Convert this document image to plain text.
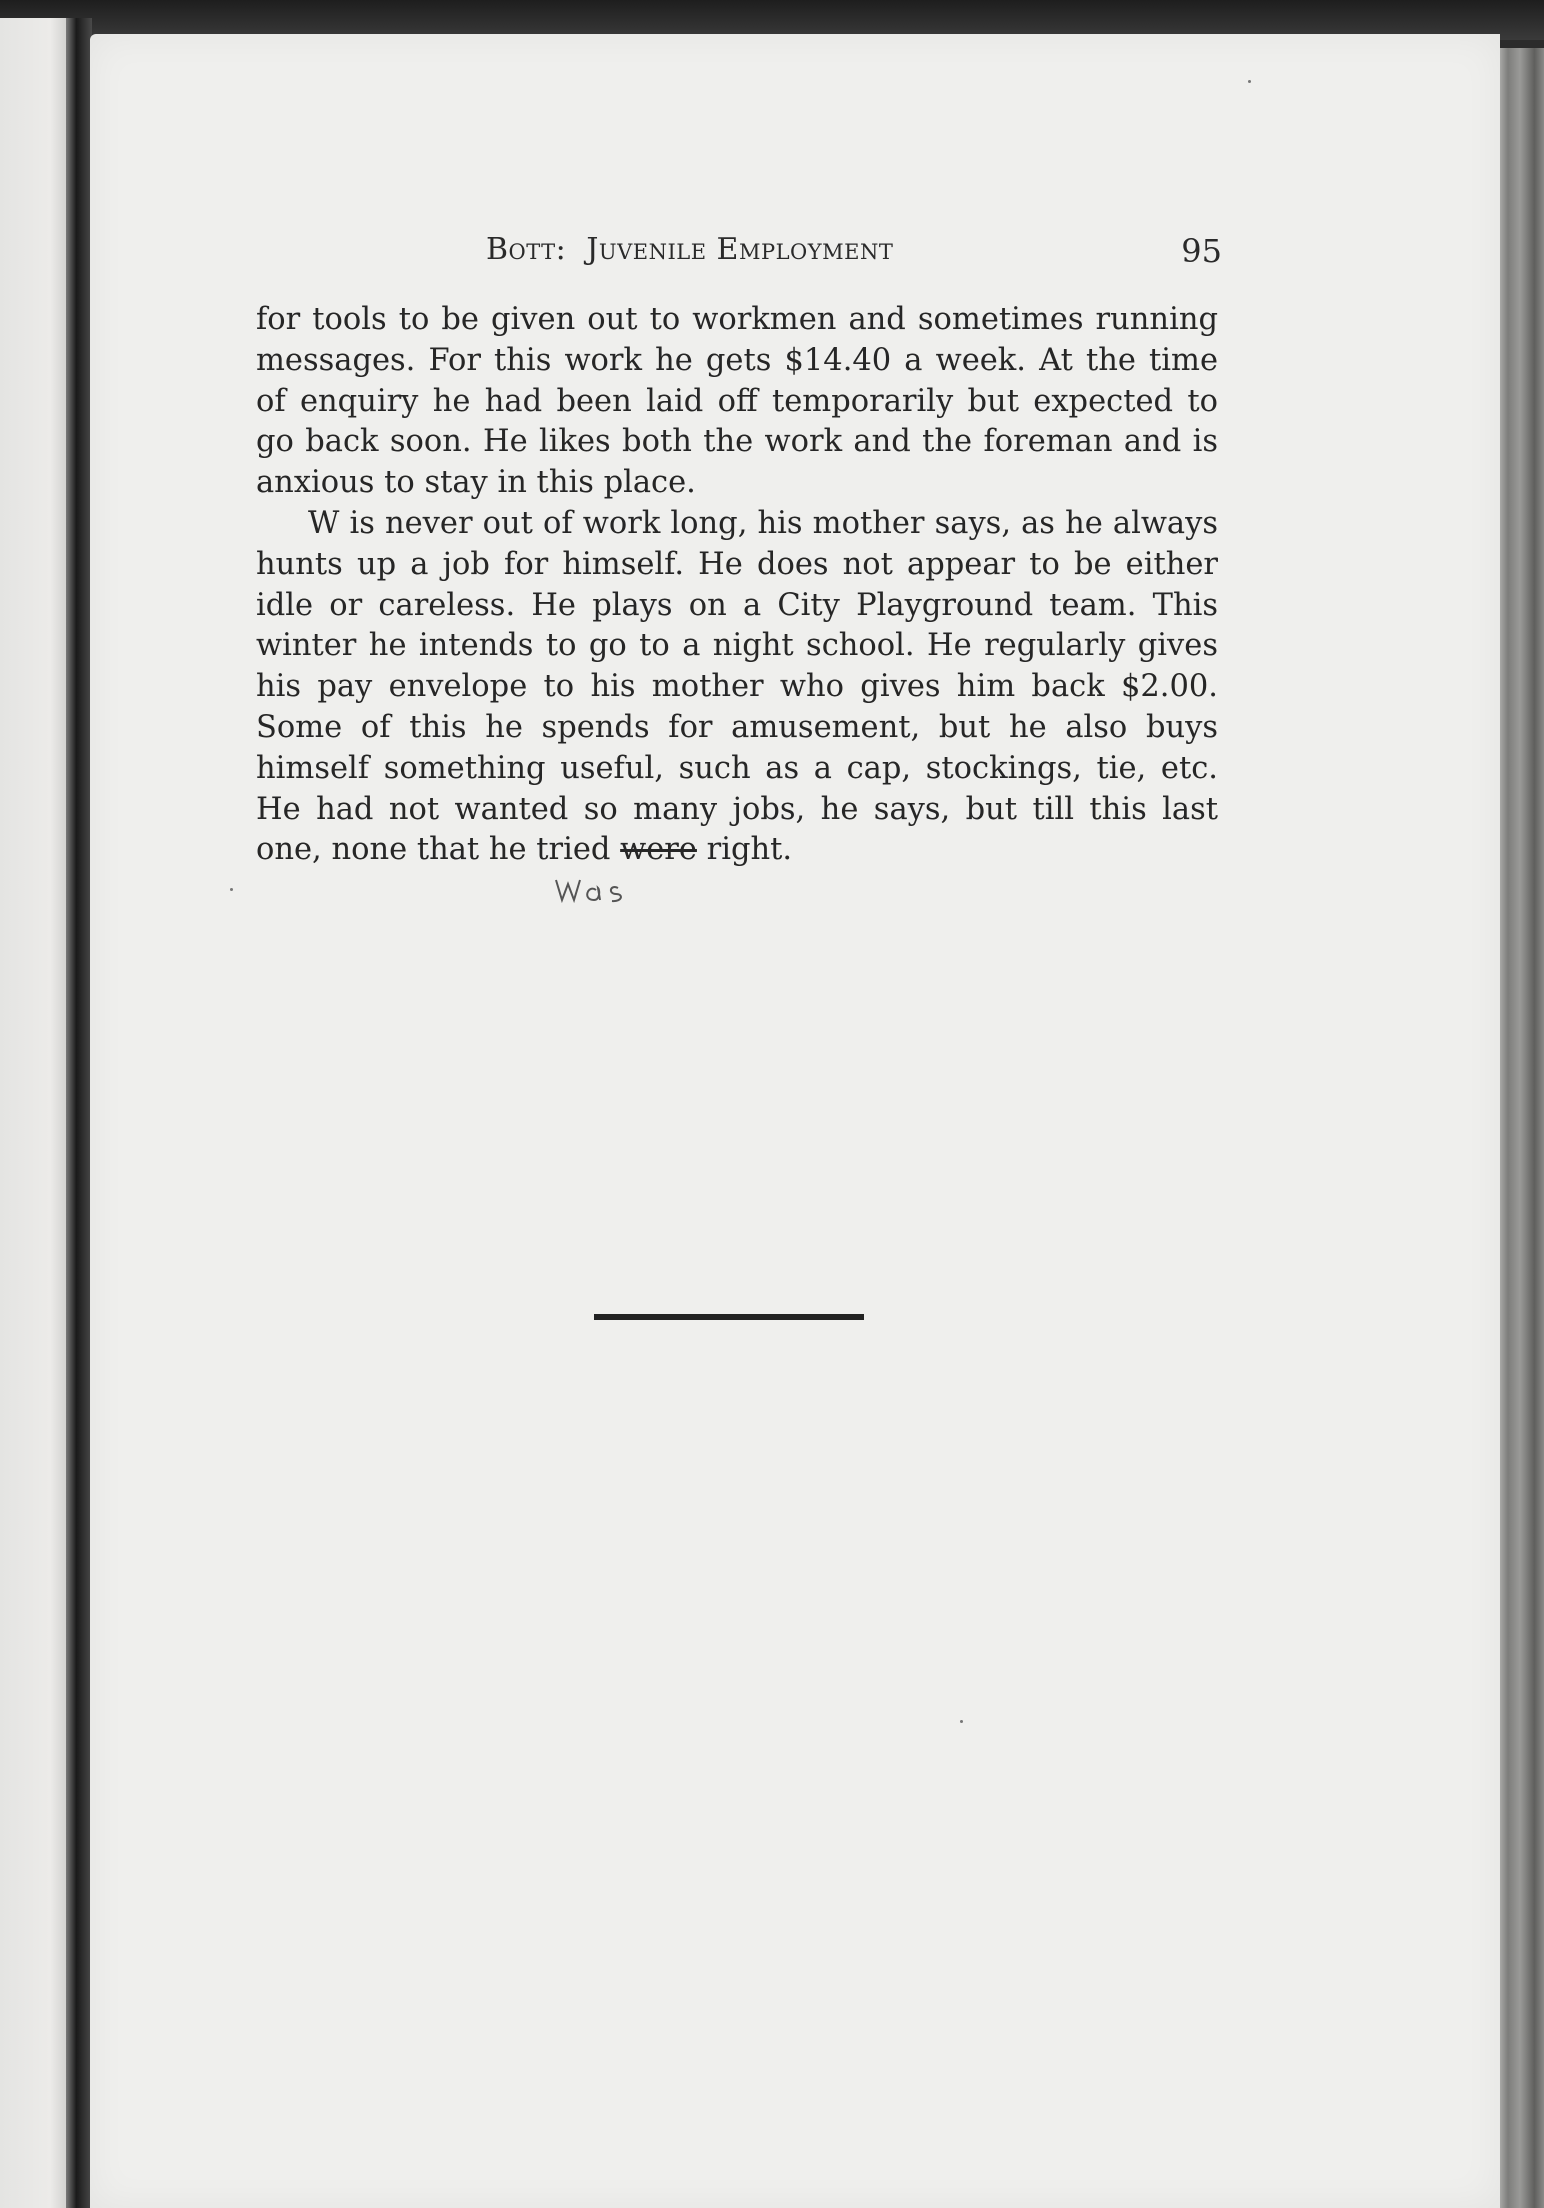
Bott: Juvenile Employment	95

for tools to be given out to workmen and sometimes running messages. For this work he gets $14.40 a week. At the time of enquiry he had been laid off temporarily but expected to go back soon. He likes both the work and the foreman and is anxious to stay in this place.

W is never out of work long, his mother says, as he always hunts up a job for himself. He does not appear to be either idle or careless. He plays on a City Playground team. This winter he intends to go to a night school. He regularly gives his pay envelope to his mother who gives him back $2.00. Some of this he spends for amusement, but he also buys himself something useful, such as a cap, stockings, tie, etc. He had not wanted so many jobs, he says, but till this last one, none that he tried were right.
